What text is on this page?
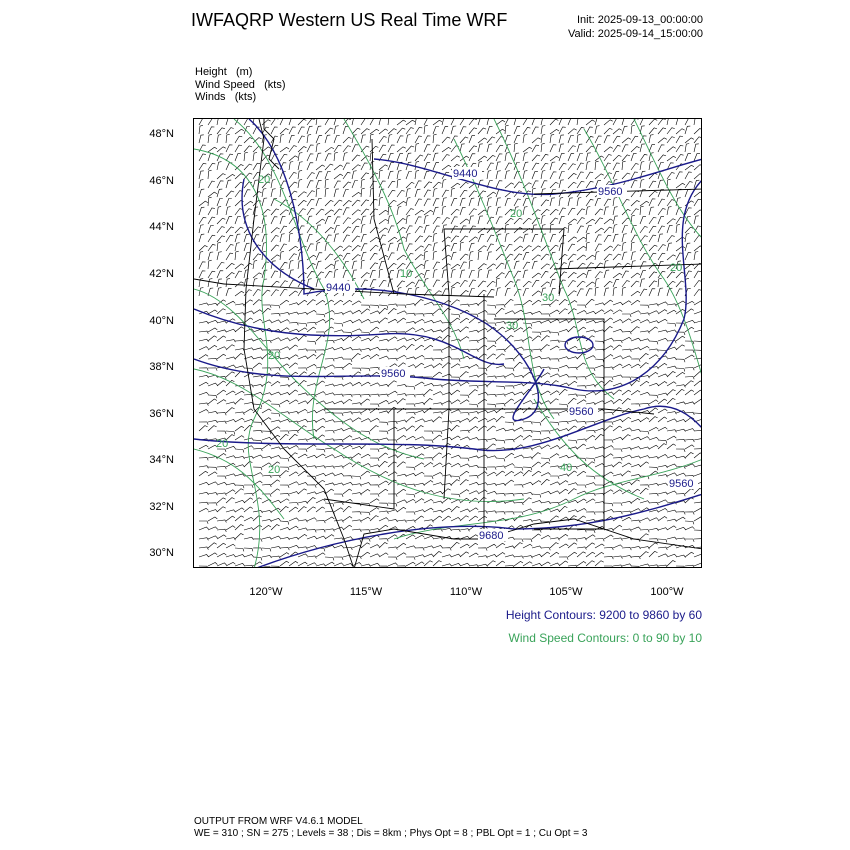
IWFAQRP Western US Real Time WRF	Init: 2025-09-13_00:00:00
Valid: 2025-09-14_15:00:00
Height   (m)
Wind Speed   (kts)
Winds   (kts)
9440
9440
9560
9560
9560
9560
9680
20
10
20
30
20
40
20
30
20
20
48°N
46°N
44°N
42°N
40°N
38°N
36°N
34°N
32°N
30°N
120°W	115°W	110°W	105°W	100°W
Height Contours: 9200 to 9860 by 60
Wind Speed Contours: 0 to 90 by 10
OUTPUT FROM WRF V4.6.1 MODEL
WE = 310 ; SN = 275 ; Levels = 38 ; Dis = 8km ; Phys Opt = 8 ; PBL Opt = 1 ; Cu Opt = 3
